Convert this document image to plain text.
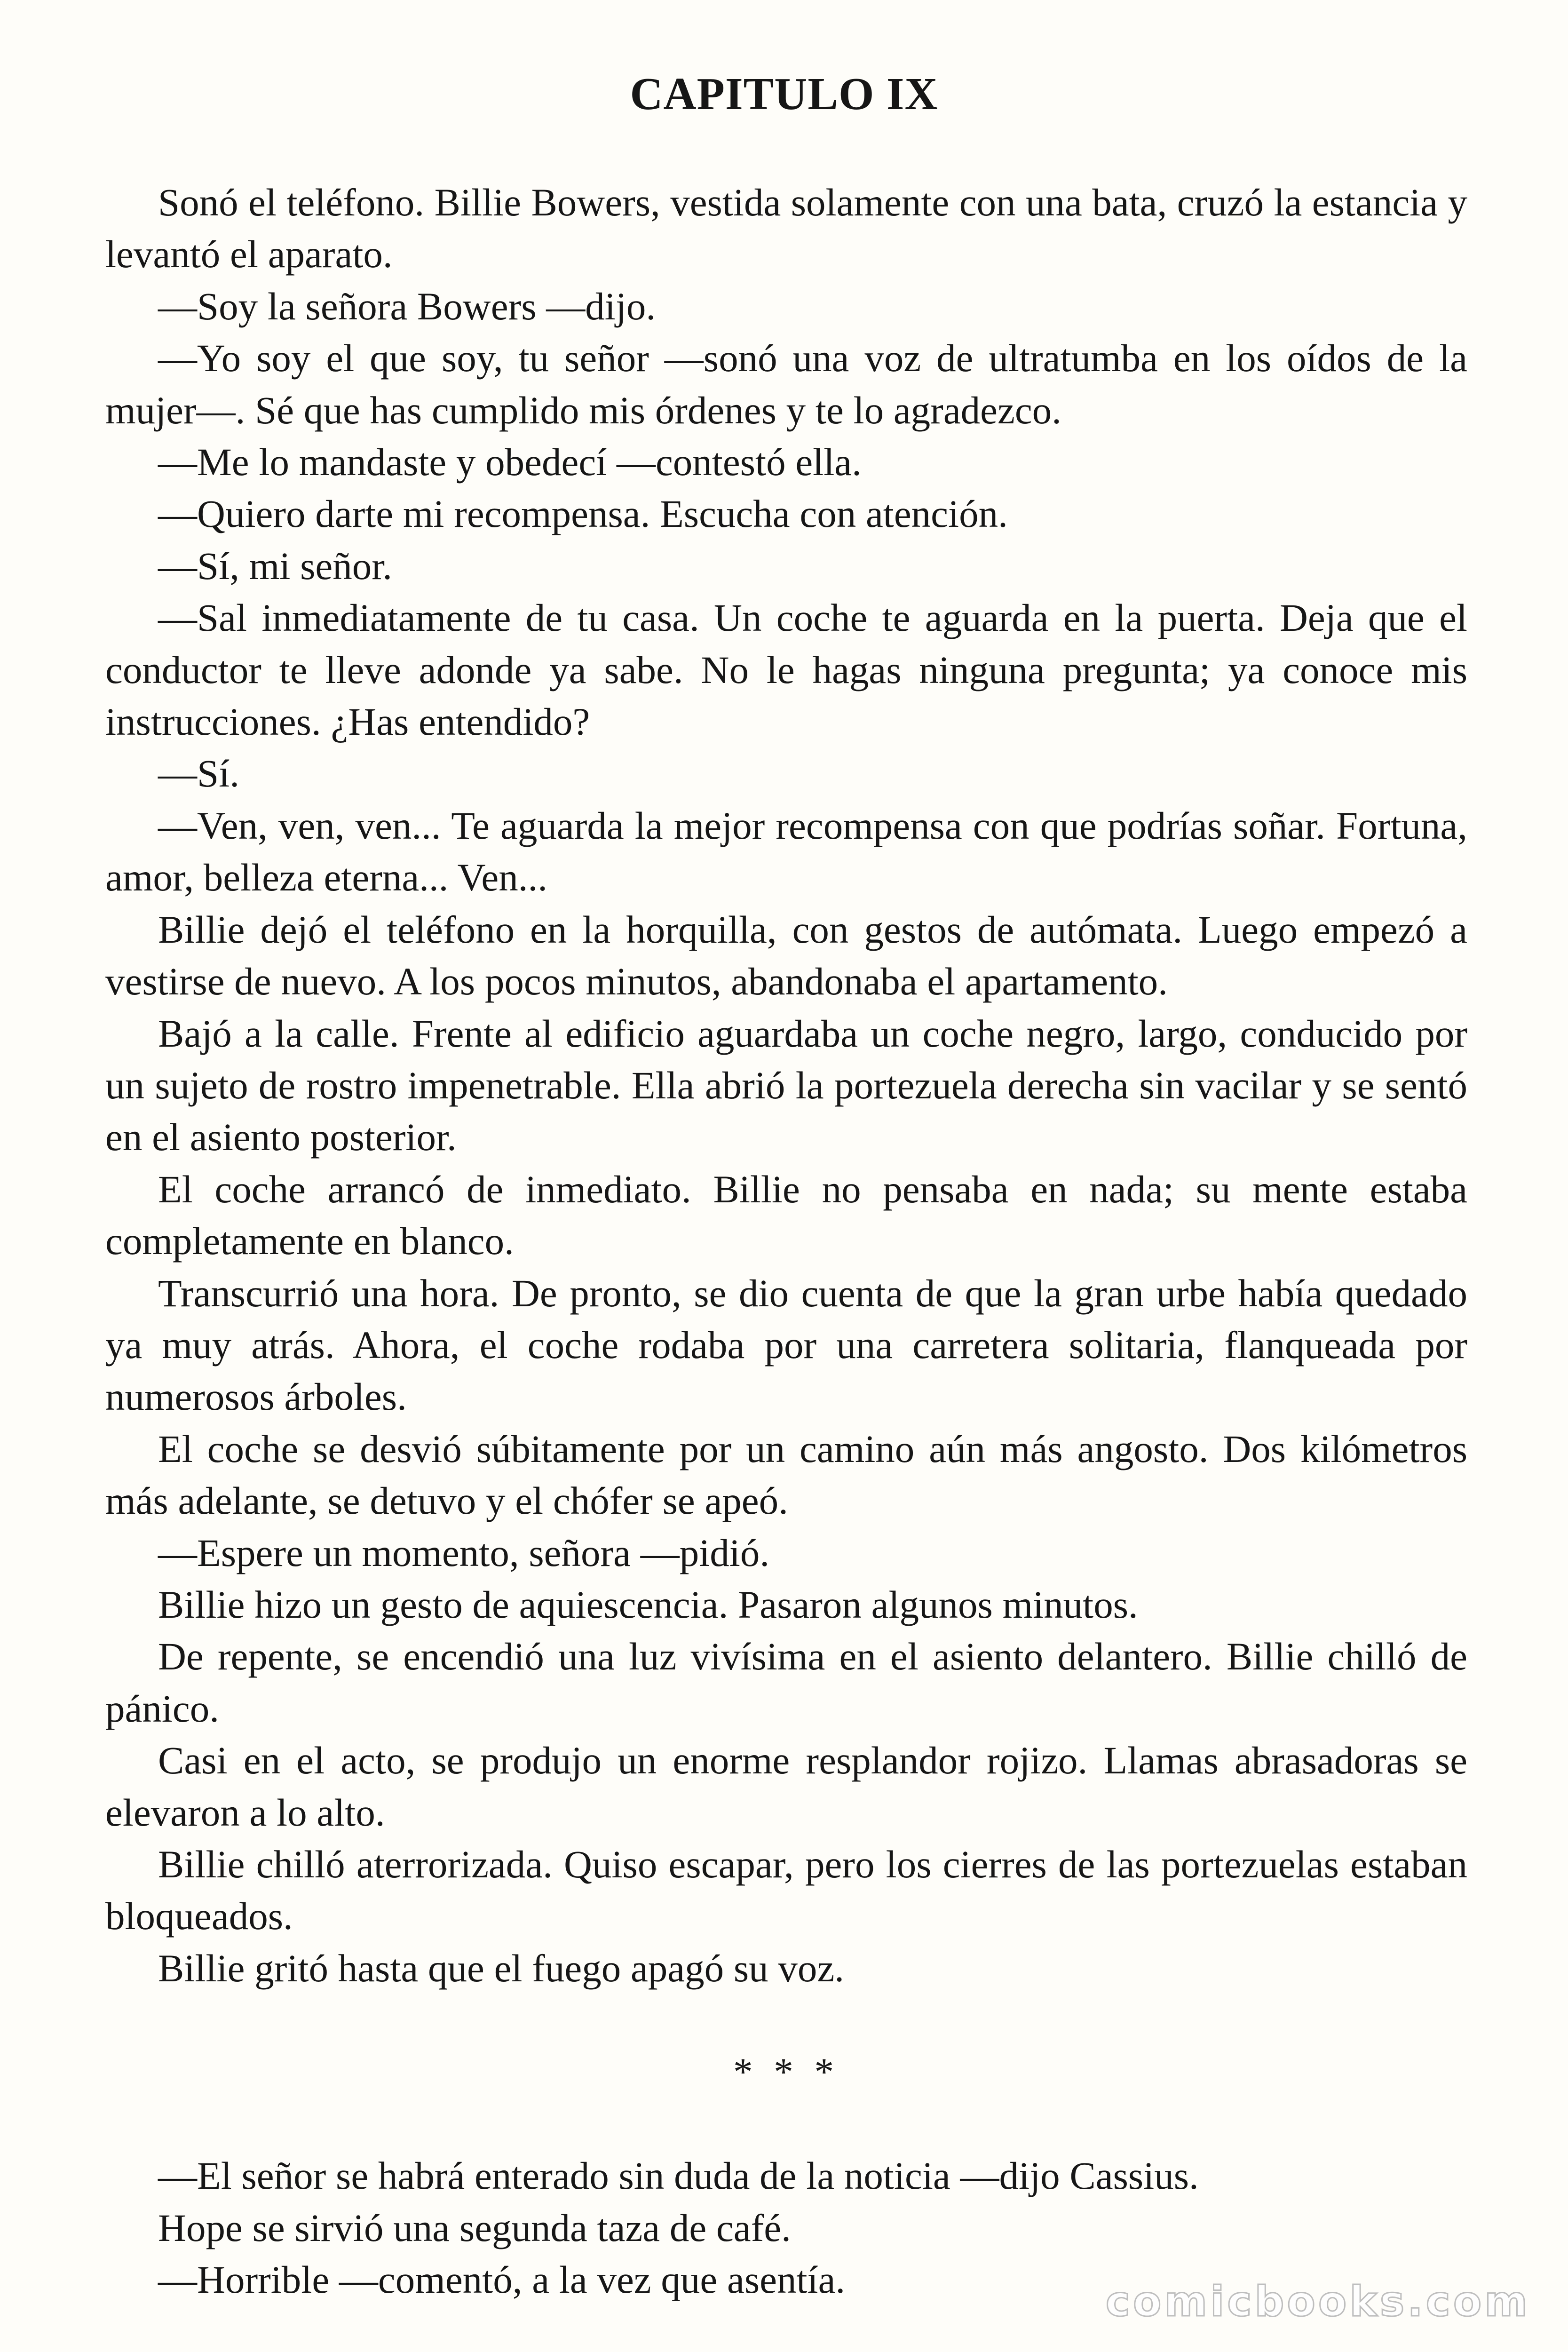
CAPITULO IX

Sonó el teléfono. Billie Bowers, vestida solamente con una bata, cruzó la estancia y levantó el aparato.

—Soy la señora Bowers —dijo.

—Yo soy el que soy, tu señor —sonó una voz de ultratumba en los oídos de la mujer—. Sé que has cumplido mis órdenes y te lo agradezco.

—Me lo mandaste y obedecí —contestó ella.

—Quiero darte mi recompensa. Escucha con atención.

—Sí, mi señor.

—Sal inmediatamente de tu casa. Un coche te aguarda en la puerta. Deja que el conductor te lleve adonde ya sabe. No le hagas ninguna pregunta; ya conoce mis instrucciones. ¿Has entendido?

—Sí.

—Ven, ven, ven... Te aguarda la mejor recompensa con que podrías soñar. Fortuna, amor, belleza eterna... Ven...

Billie dejó el teléfono en la horquilla, con gestos de autómata. Luego empezó a vestirse de nuevo. A los pocos minutos, abandonaba el apartamento.

Bajó a la calle. Frente al edificio aguardaba un coche negro, largo, conducido por un sujeto de rostro impenetrable. Ella abrió la portezuela derecha sin vacilar y se sentó en el asiento posterior.

El coche arrancó de inmediato. Billie no pensaba en nada; su mente estaba completamente en blanco.

Transcurrió una hora. De pronto, se dio cuenta de que la gran urbe había quedado ya muy atrás. Ahora, el coche rodaba por una carretera solitaria, flanqueada por numerosos árboles.

El coche se desvió súbitamente por un camino aún más angosto. Dos kilómetros más adelante, se detuvo y el chófer se apeó.

—Espere un momento, señora —pidió.

Billie hizo un gesto de aquiescencia. Pasaron algunos minutos.

De repente, se encendió una luz vivísima en el asiento delantero. Billie chilló de pánico.

Casi en el acto, se produjo un enorme resplandor rojizo. Llamas abrasadoras se elevaron a lo alto.

Billie chilló aterrorizada. Quiso escapar, pero los cierres de las portezuelas estaban bloqueados.

Billie gritó hasta que el fuego apagó su voz.

* * *

—El señor se habrá enterado sin duda de la noticia —dijo Cassius.

Hope se sirvió una segunda taza de café.

—Horrible —comentó, a la vez que asentía.	comicbooks.com
